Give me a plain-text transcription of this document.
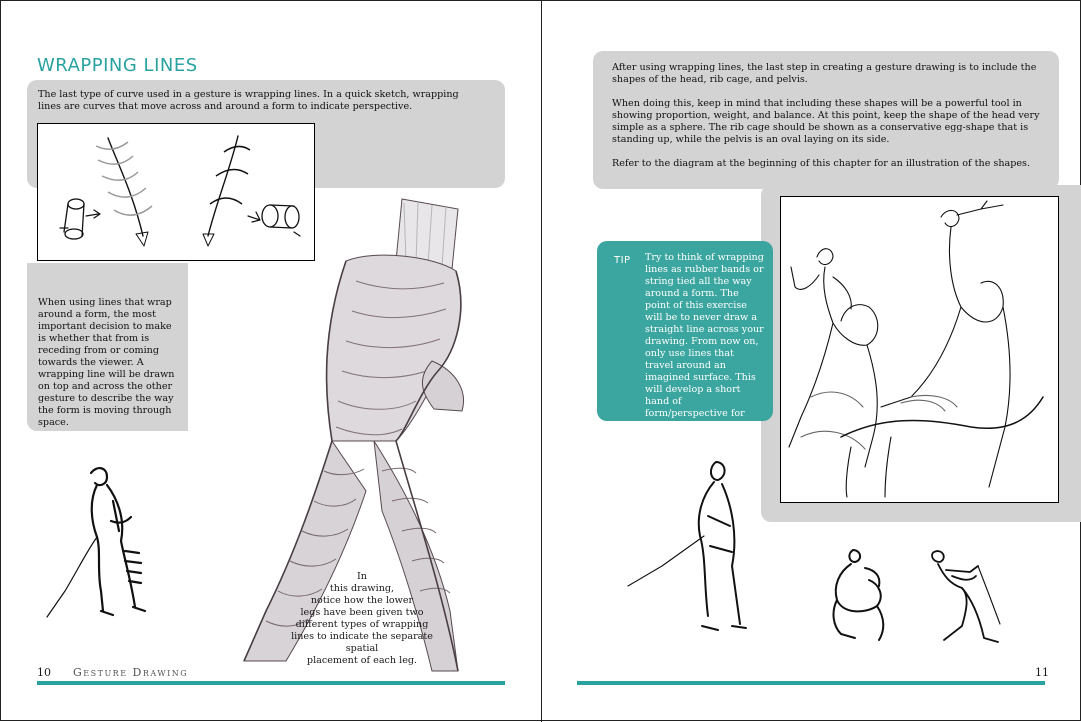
WRAPPING LINES
The last type of curve used in a gesture is wrapping lines. In a quick sketch, wrapping lines are curves that move across and around a form to indicate perspective.
When using lines that wrap around a form, the most important decision to make is whether that from is receding from or coming towards the viewer. A wrapping line will be drawn on top and across the other gesture to describe the way the form is moving through space.
In
this drawing,
notice how the lower
legs have been given two
different types of wrapping
lines to indicate the separate spatial
placement of each leg.
10 Gesture Drawing

After using wrapping lines, the last step in creating a gesture drawing is to include the shapes of the head, rib cage, and pelvis.

When doing this, keep in mind that including these shapes will be a powerful tool in showing proportion, weight, and balance. At this point, keep the shape of the head very simple as a sphere. The rib cage should be shown as a conservative egg-shape that is standing up, while the pelvis is an oval laying on its side.

Refer to the diagram at the beginning of this chapter for an illustration of the shapes.

TIP Try to think of wrapping lines as rubber bands or string tied all the way around a form. The point of this exercise will be to never draw a straight line across your drawing. From now on, only use lines that travel around an imagined surface. This will develop a short hand of form/perspective for you and for the viewer.
11
